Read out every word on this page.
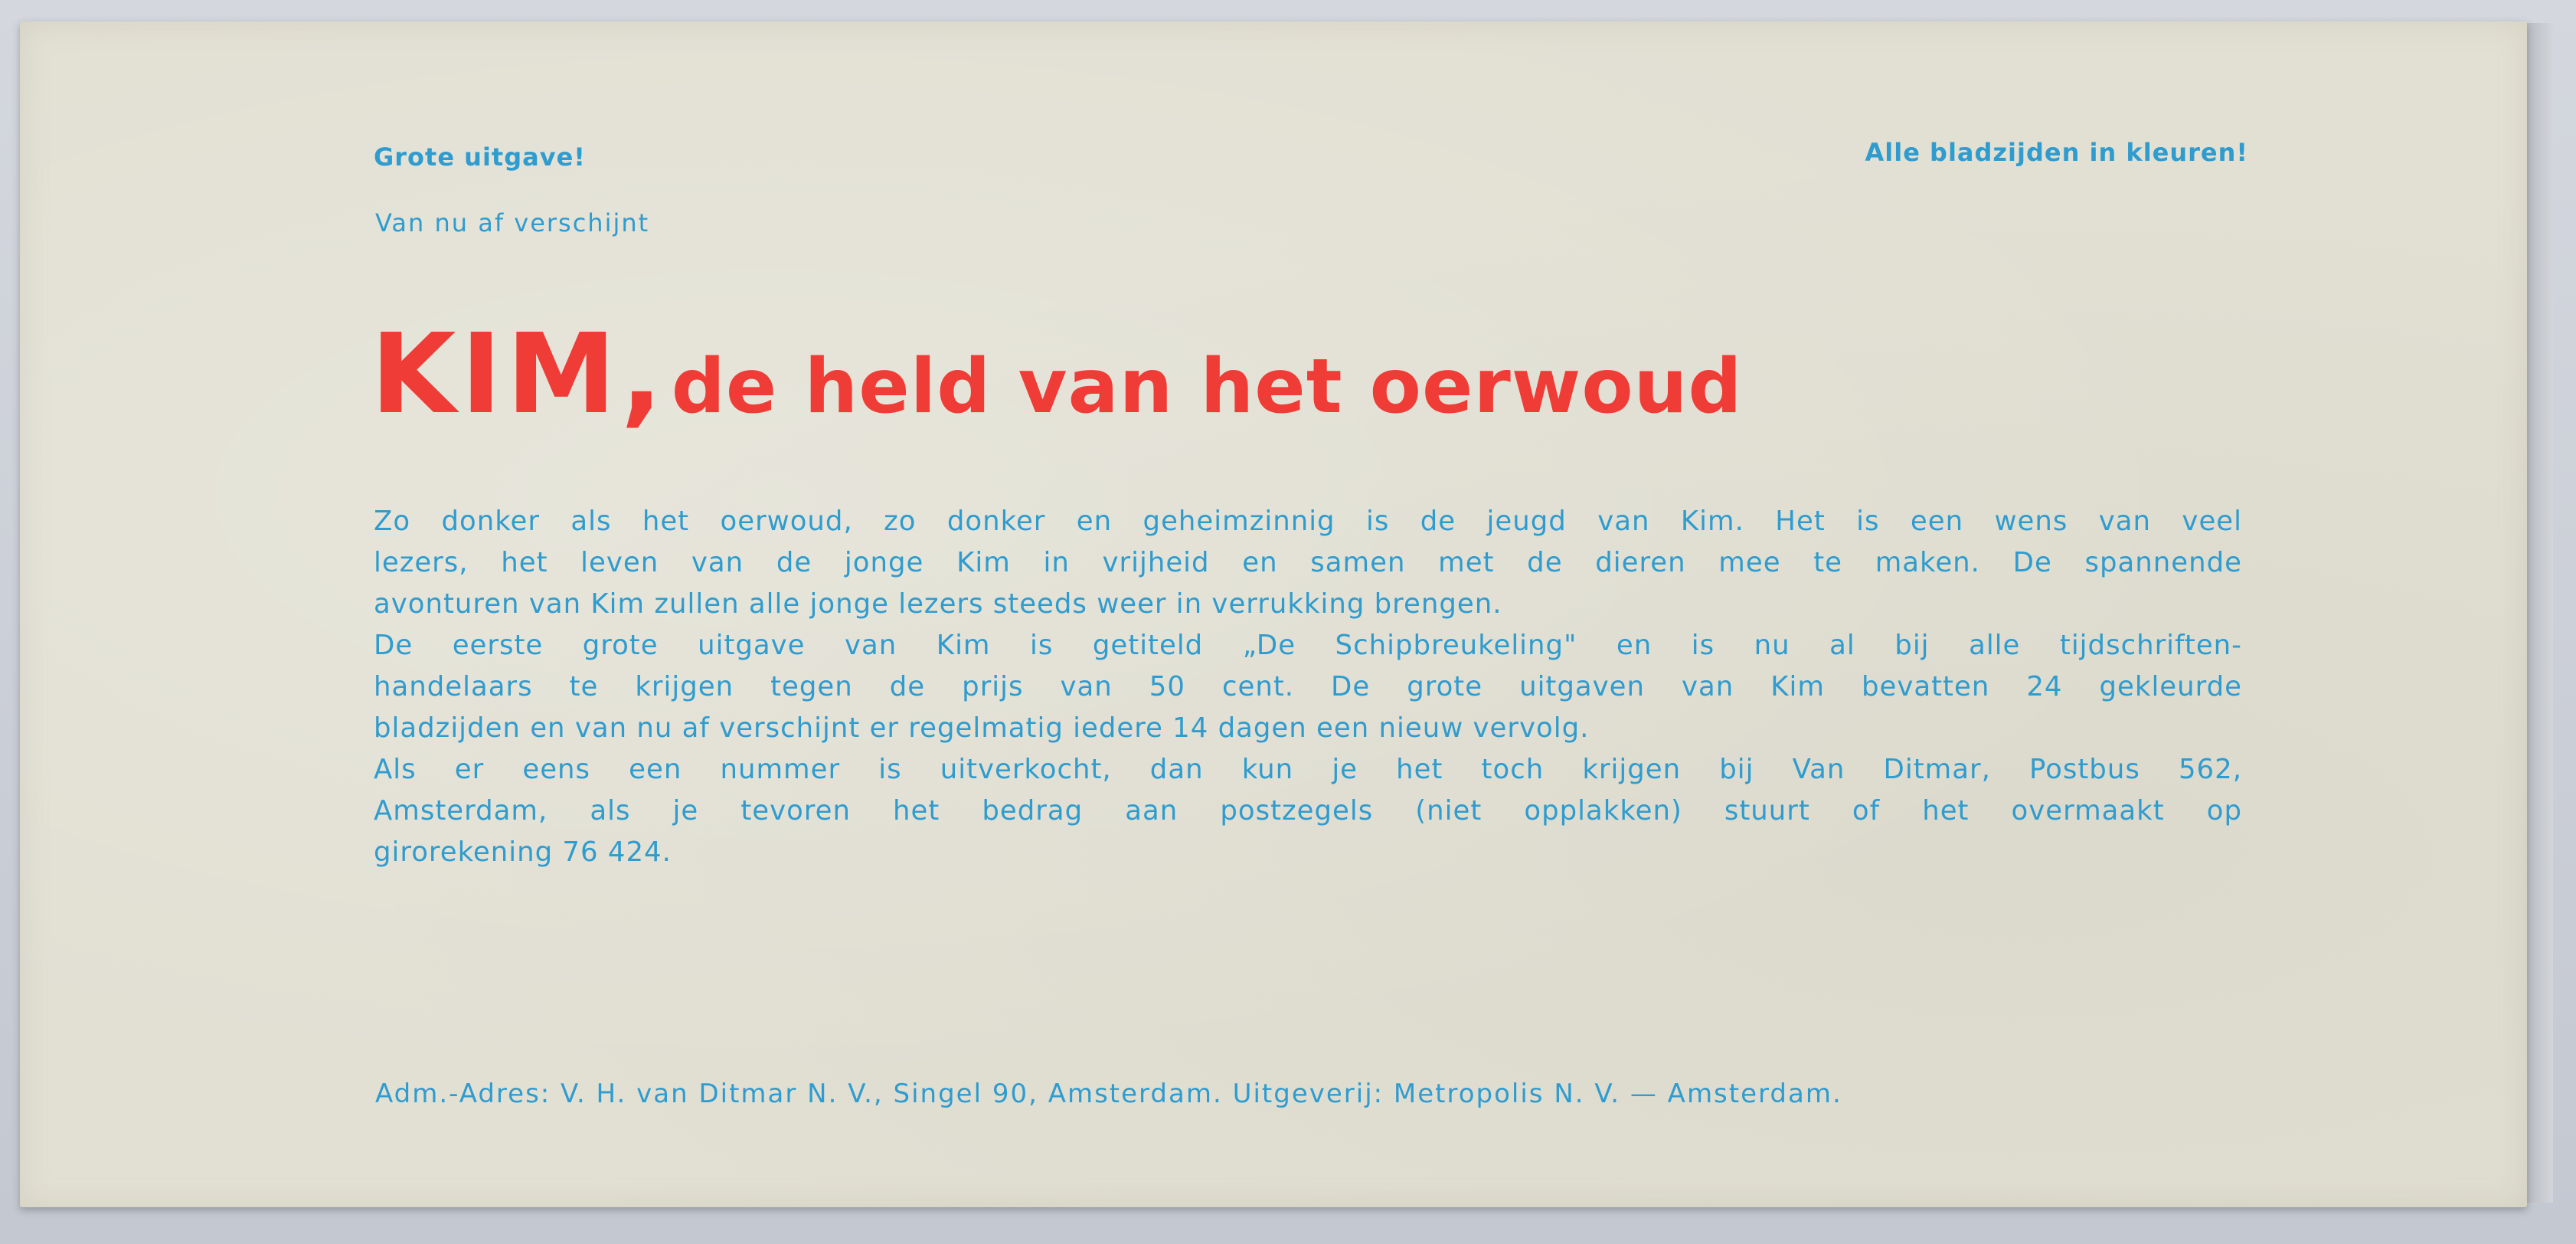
Grote uitgave!	Alle bladzijden in kleuren!
Van nu af verschijnt
KIM, de held van het oerwoud
Zo donker als het oerwoud, zo donker en geheimzinnig is de jeugd van Kim. Het is een wens van veel
lezers, het leven van de jonge Kim in vrijheid en samen met de dieren mee te maken. De spannende
avonturen van Kim zullen alle jonge lezers steeds weer in verrukking brengen.
De eerste grote uitgave van Kim is getiteld „De Schipbreukeling" en is nu al bij alle tijdschriften-
handelaars te krijgen tegen de prijs van 50 cent. De grote uitgaven van Kim bevatten 24 gekleurde
bladzijden en van nu af verschijnt er regelmatig iedere 14 dagen een nieuw vervolg.
Als er eens een nummer is uitverkocht, dan kun je het toch krijgen bij Van Ditmar, Postbus 562,
Amsterdam, als je tevoren het bedrag aan postzegels (niet opplakken) stuurt of het overmaakt op
girorekening 76 424.
Adm.-Adres: V. H. van Ditmar N. V., Singel 90, Amsterdam. Uitgeverij: Metropolis N. V. — Amsterdam.
